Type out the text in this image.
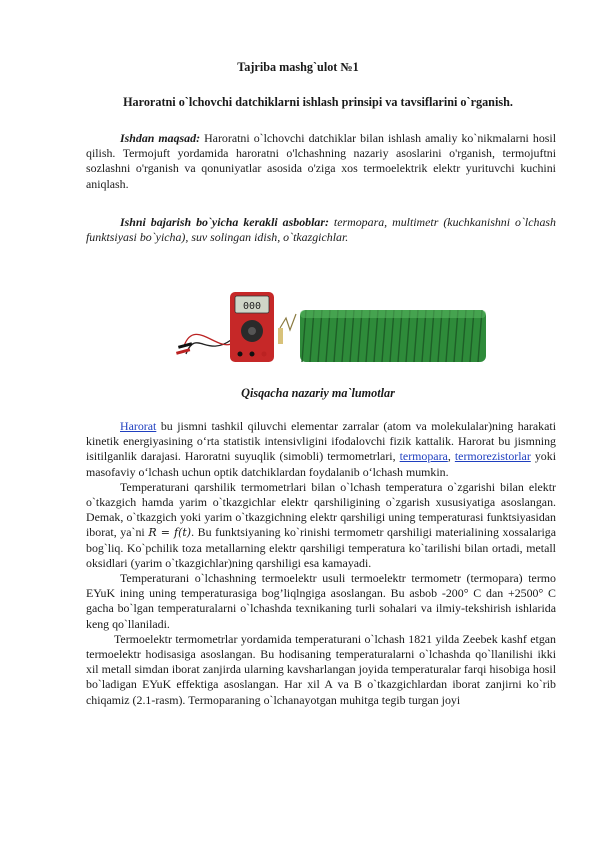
Tajriba mashg`ulot №1
Haroratni o`lchovchi datchiklarni ishlash prinsipi va tavsiflarini o`rganish.
Ishdan maqsad: Haroratni o`lchovchi datchiklar bilan ishlash amaliy ko`nikmalarni hosil qilish. Termojuft yordamida haroratni o'lchashning nazariy asoslarini o'rganish, termojuftni sozlashni o'rganish va qonuniyatlar asosida o'ziga xos termoelektrik elektr yurituvchi kuchini aniqlash.
Ishni bajarish bo`yicha kerakli asboblar: termopara, multimetr (kuchkanishni o`lchash funktsiyasi bo`yicha), suv solingan idish, o`tkazgichlar.
000
Qisqacha nazariy ma`lumotlar

Harorat bu jismni tashkil qiluvchi elementar zarralar (atom va molekulalar)ning harakati kinetik energiyasining o‘rta statistik intensivligini ifodalovchi fizik kattalik. Harorat bu jismning isitilganlik darajasi. Haroratni suyuqlik (simobli) termometrlari, termopara, termorezistorlar yoki masofaviy o‘lchash uchun optik datchiklardan foydalanib o‘lchash mumkin.

Temperaturani qarshilik termometrlari bilan o`lchash temperatura o`zgarishi bilan elektr o`tkazgich hamda yarim o`tkazgichlar elektr qarshiligining o`zgarish xususiyatiga asoslangan. Demak, o`tkazgich yoki yarim o`tkazgichning elektr qarshiligi uning temperaturasi funktsiyasidan iborat, ya`ni R = f(t). Bu funktsiyaning ko`rinishi termometr qarshiligi materialining xossalariga bog`liq. Ko`pchilik toza metallarning elektr qarshiligi temperatura ko`tarilishi bilan ortadi, metall oksidlari (yarim o`tkazgichlar)ning qarshiligi esa kamayadi.

Temperaturani o`lchashning termoelektr usuli termoelektr termometr (termopara) termo EYuK ining uning temperaturasiga bog’liqlngiga asoslangan. Bu asbob -200° C dan +2500° C gacha bo`lgan temperaturalarni o`lchashda texnikaning turli sohalari va ilmiy-tekshirish ishlarida keng qo`llaniladi.

Termoelektr termometrlar yordamida temperaturani o`lchash 1821 yilda Zeebek kashf etgan termoelektr hodisasiga asoslangan. Bu hodisaning temperaturalarni o`lchashda qo`llanilishi ikki xil metall simdan iborat zanjirda ularning kavsharlangan joyida temperaturalar farqi hisobiga hosil bo`ladigan EYuK effektiga asoslangan. Har xil A va B o`tkazgichlardan iborat zanjirni ko`rib chiqamiz (2.1-rasm). Termoparaning o`lchanayotgan muhitga tegib turgan joyi
